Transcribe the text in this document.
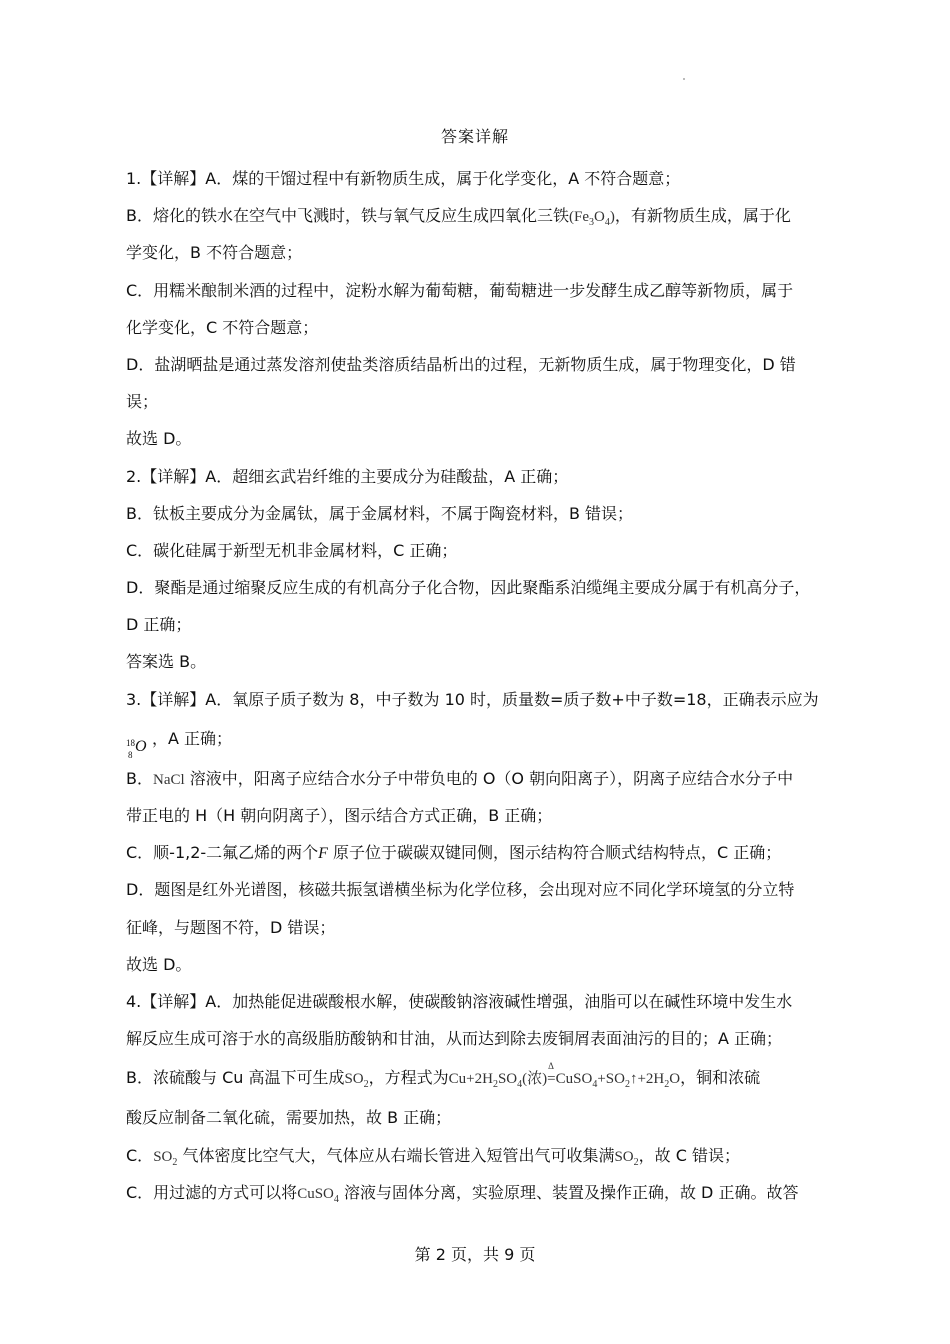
答案详解
1.【详解】A．煤的干馏过程中有新物质生成，属于化学变化，A 不符合题意；
B．熔化的铁水在空气中飞溅时，铁与氧气反应生成四氧化三铁$(Fe_3O_4)$，有新物质生成，属于化
学变化，B 不符合题意；
C．用糯米酿制米酒的过程中，淀粉水解为葡萄糖，葡萄糖进一步发酵生成乙醇等新物质，属于
化学变化，C 不符合题意；
D．盐湖晒盐是通过蒸发溶剂使盐类溶质结晶析出的过程，无新物质生成，属于物理变化，D 错
误；
故选 D。
2.【详解】A．超细玄武岩纤维的主要成分为硅酸盐，A 正确；
B．钛板主要成分为金属钛，属于金属材料，不属于陶瓷材料，B 错误；
C．碳化硅属于新型无机非金属材料，C 正确；
D．聚酯是通过缩聚反应生成的有机高分子化合物，因此聚酯系泊缆绳主要成分属于有机高分子，
D 正确；
答案选 B。
3.【详解】A．氧原子质子数为 8，中子数为 10 时，质量数=质子数+中子数=18，正确表示应为
18
8 O ，A 正确；
B．NaCl 溶液中，阳离子应结合水分子中带负电的 O（O 朝向阳离子），阴离子应结合水分子中
带正电的 H（H 朝向阴离子），图示结合方式正确，B 正确；
C．顺-1,2-二氟乙烯的两个F 原子位于碳碳双键同侧，图示结构符合顺式结构特点，C 正确；
D．题图是红外光谱图，核磁共振氢谱横坐标为化学位移，会出现对应不同化学环境氢的分立特
征峰，与题图不符，D 错误；
故选 D。
4.【详解】A．加热能促进碳酸根水解，使碳酸钠溶液碱性增强，油脂可以在碱性环境中发生水
解反应生成可溶于水的高级脂肪酸钠和甘油，从而达到除去废铜屑表面油污的目的；A 正确；
B．浓硫酸与 Cu 高温下可生成$SO_2$，方程式为$Cu+2H_2SO_4$(浓)
Δ
$=CuSO_4+SO_2↑+2H_2O$，铜和浓硫
酸反应制备二氧化硫，需要加热，故 B 正确；
C．$SO_2$ 气体密度比空气大，气体应从右端长管进入短管出气可收集满$SO_2$，故 C 错误；
C．用过滤的方式可以将CuSO$_4$ 溶液与固体分离，实验原理、装置及操作正确，故 D 正确。故答
第 2 页，共 9 页
